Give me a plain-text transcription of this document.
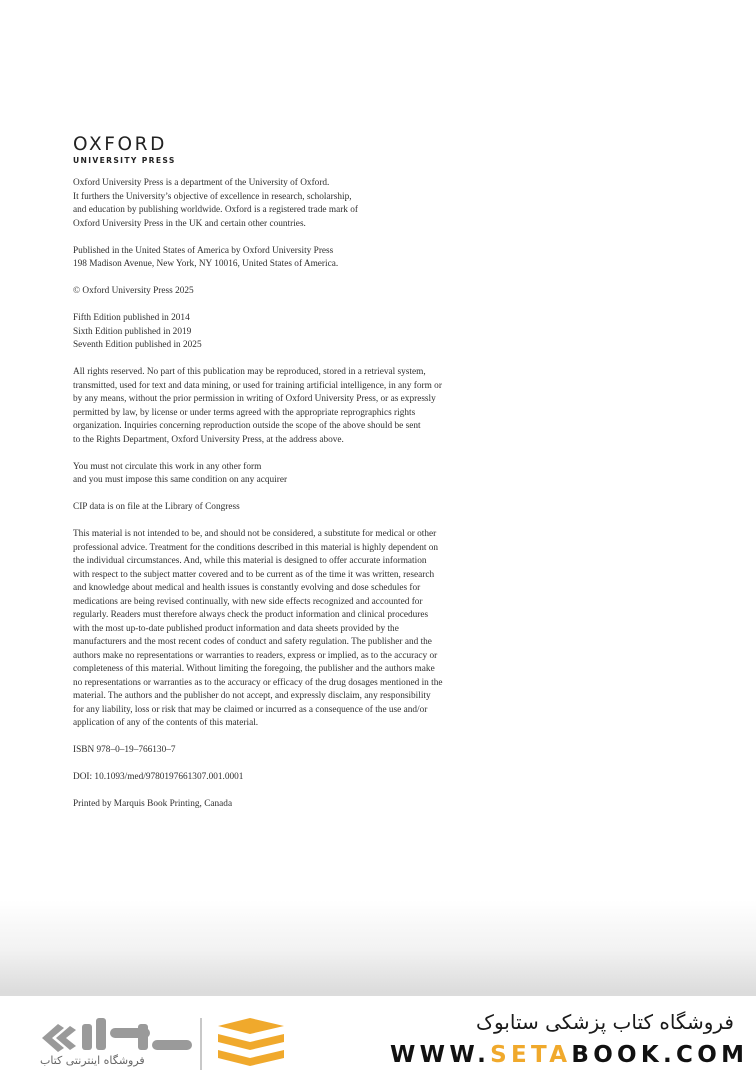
OXFORD
UNIVERSITY PRESS
Oxford University Press is a department of the University of Oxford.
It furthers the University’s objective of excellence in research, scholarship,
and education by publishing worldwide. Oxford is a registered trade mark of
Oxford University Press in the UK and certain other countries.
Published in the United States of America by Oxford University Press
198 Madison Avenue, New York, NY 10016, United States of America.
© Oxford University Press 2025
Fifth Edition published in 2014
Sixth Edition published in 2019
Seventh Edition published in 2025
All rights reserved. No part of this publication may be reproduced, stored in a retrieval system,
transmitted, used for text and data mining, or used for training artificial intelligence, in any form or
by any means, without the prior permission in writing of Oxford University Press, or as expressly
permitted by law, by license or under terms agreed with the appropriate reprographics rights
organization. Inquiries concerning reproduction outside the scope of the above should be sent
to the Rights Department, Oxford University Press, at the address above.
You must not circulate this work in any other form
and you must impose this same condition on any acquirer
CIP data is on file at the Library of Congress
This material is not intended to be, and should not be considered, a substitute for medical or other
professional advice. Treatment for the conditions described in this material is highly dependent on
the individual circumstances. And, while this material is designed to offer accurate information
with respect to the subject matter covered and to be current as of the time it was written, research
and knowledge about medical and health issues is constantly evolving and dose schedules for
medications are being revised continually, with new side effects recognized and accounted for
regularly. Readers must therefore always check the product information and clinical procedures
with the most up-to-date published product information and data sheets provided by the
manufacturers and the most recent codes of conduct and safety regulation. The publisher and the
authors make no representations or warranties to readers, express or implied, as to the accuracy or
completeness of this material. Without limiting the foregoing, the publisher and the authors make
no representations or warranties as to the accuracy or efficacy of the drug dosages mentioned in the
material. The authors and the publisher do not accept, and expressly disclaim, any responsibility
for any liability, loss or risk that may be claimed or incurred as a consequence of the use and/or
application of any of the contents of this material.
ISBN 978–0–19–766130–7
DOI: 10.1093/med/9780197661307.001.0001
Printed by Marquis Book Printing, Canada
فروشگاه اینترنتی کتاب
فروشگاه کتاب پزشکی ستابوک
WWW.SETABOOK.COM
